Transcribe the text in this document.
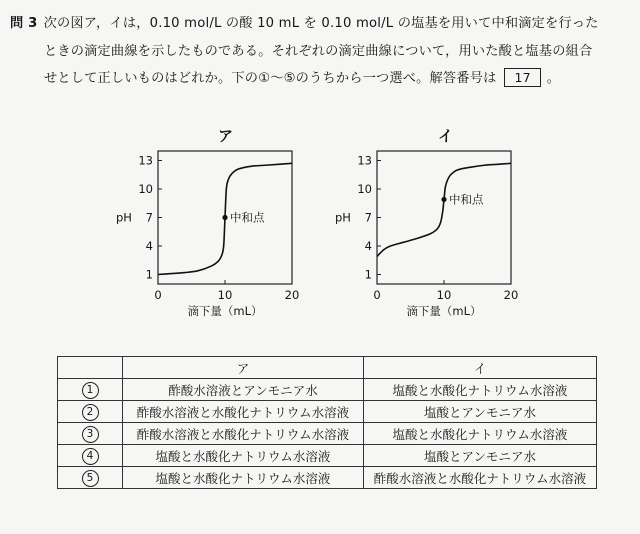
問 3 次の図ア，イは，0.10 mol/L の酸 10 mL を 0.10 mol/L の塩基を用いて中和滴定を行った
ときの滴定曲線を示したものである。それぞれの滴定曲線について，用いた酸と塩基の組合
せとして正しいものはどれか。下の①～⑤のうちから一つ選べ。解答番号は 17 。
ア	イ
1
4
7
10
13
0	10	20
pH
滴下量（mL）
中和点
1
4
7
10
13
0	10	20
pH
滴下量（mL）
中和点
	ア	イ
1	酢酸水溶液とアンモニア水	塩酸と水酸化ナトリウム水溶液
2	酢酸水溶液と水酸化ナトリウム水溶液	塩酸とアンモニア水
3	酢酸水溶液と水酸化ナトリウム水溶液	塩酸と水酸化ナトリウム水溶液
4	塩酸と水酸化ナトリウム水溶液	塩酸とアンモニア水
5	塩酸と水酸化ナトリウム水溶液	酢酸水溶液と水酸化ナトリウム水溶液
